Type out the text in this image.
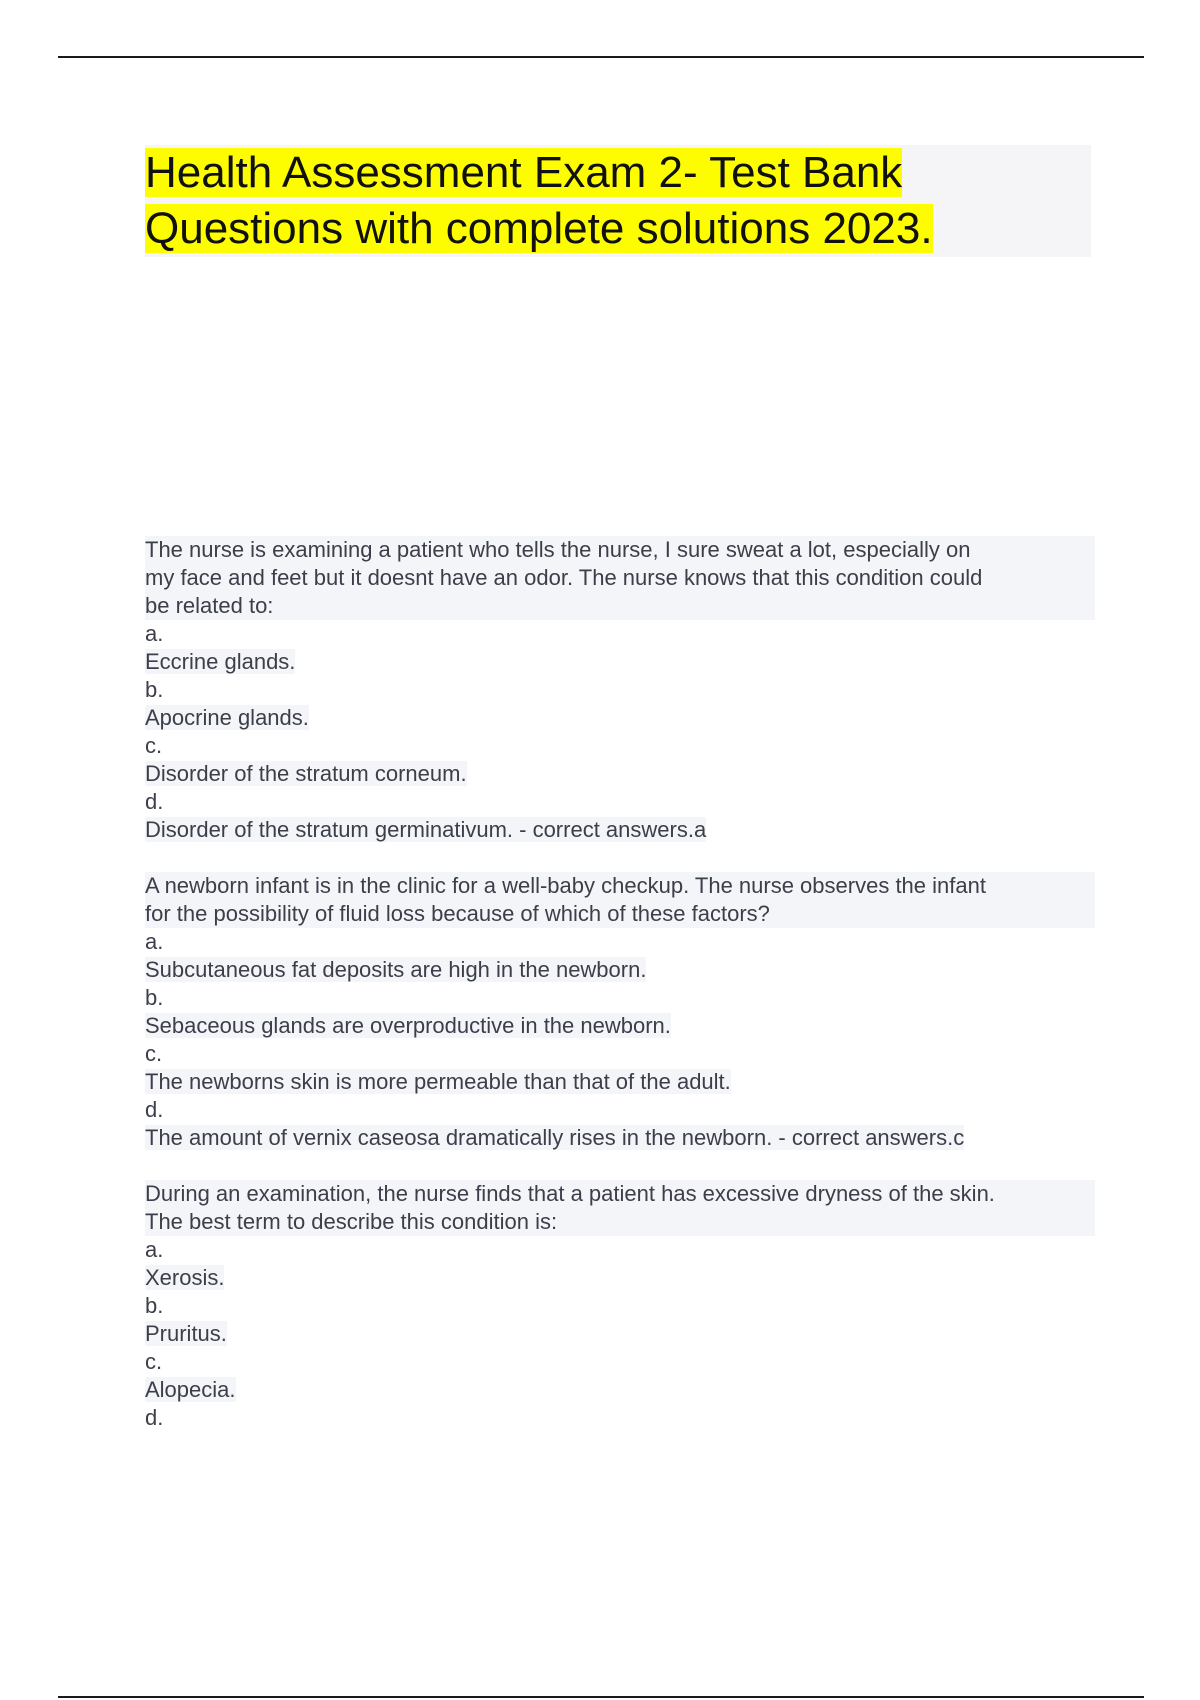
Health Assessment Exam 2- Test Bank
Questions with complete solutions 2023.
The nurse is examining a patient who tells the nurse, I sure sweat a lot, especially on
my face and feet but it doesnt have an odor. The nurse knows that this condition could
be related to:
a.
Eccrine glands.
b.
Apocrine glands.
c.
Disorder of the stratum corneum.
d.
Disorder of the stratum germinativum. - correct answers.a
A newborn infant is in the clinic for a well-baby checkup. The nurse observes the infant
for the possibility of fluid loss because of which of these factors?
a.
Subcutaneous fat deposits are high in the newborn.
b.
Sebaceous glands are overproductive in the newborn.
c.
The newborns skin is more permeable than that of the adult.
d.
The amount of vernix caseosa dramatically rises in the newborn. - correct answers.c
During an examination, the nurse finds that a patient has excessive dryness of the skin.
The best term to describe this condition is:
a.
Xerosis.
b.
Pruritus.
c.
Alopecia.
d.
